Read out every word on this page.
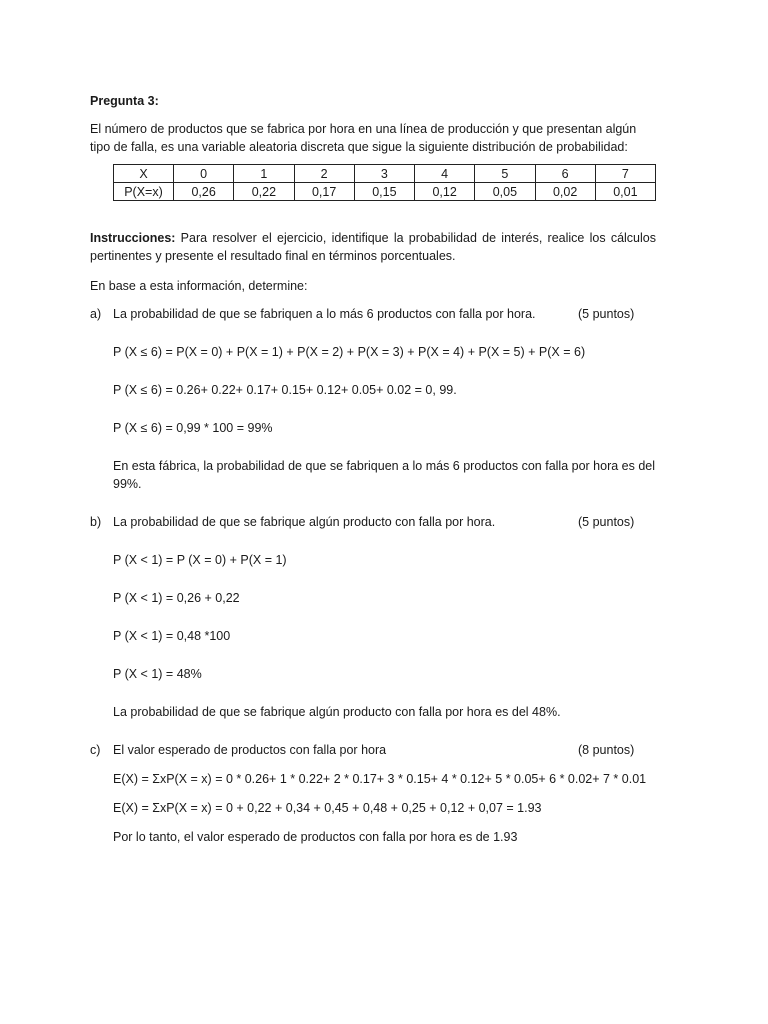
Pregunta 3:
El número de productos que se fabrica por hora en una línea de producción y que presentan algún tipo de falla, es una variable aleatoria discreta que sigue la siguiente distribución de probabilidad:
X	0	1	2	3	4	5	6	7
P(X=x)	0,26	0,22	0,17	0,15	0,12	0,05	0,02	0,01
Instrucciones: Para resolver el ejercicio, identifique la probabilidad de interés, realice los cálculos pertinentes y presente el resultado final en términos porcentuales.
En base a esta información, determine:
a) La probabilidad de que se fabriquen a lo más 6 productos con falla por hora.	(5 puntos)
P (X ≤ 6) = P(X = 0) + P(X = 1) + P(X = 2) + P(X = 3) + P(X = 4) + P(X = 5) + P(X = 6)
P (X ≤ 6) = 0.26+ 0.22+ 0.17+ 0.15+ 0.12+ 0.05+ 0.02 = 0, 99.
P (X ≤ 6) = 0,99 * 100 = 99%
En esta fábrica, la probabilidad de que se fabriquen a lo más 6 productos con falla por hora es del 99%.
b) La probabilidad de que se fabrique algún producto con falla por hora.	(5 puntos)
P (X < 1) = P (X = 0) + P(X = 1)
P (X < 1) = 0,26 + 0,22
P (X < 1) = 0,48 *100
P (X < 1) = 48%
La probabilidad de que se fabrique algún producto con falla por hora es del 48%.
c) El valor esperado de productos con falla por hora	(8 puntos)
E(X) = ΣxP(X = x) = 0 * 0.26+ 1 * 0.22+ 2 * 0.17+ 3 * 0.15+ 4 * 0.12+ 5 * 0.05+ 6 * 0.02+ 7 * 0.01
E(X) = ΣxP(X = x) = 0 + 0,22 + 0,34 + 0,45 + 0,48 + 0,25 + 0,12 + 0,07 = 1.93
Por lo tanto, el valor esperado de productos con falla por hora es de 1.93
